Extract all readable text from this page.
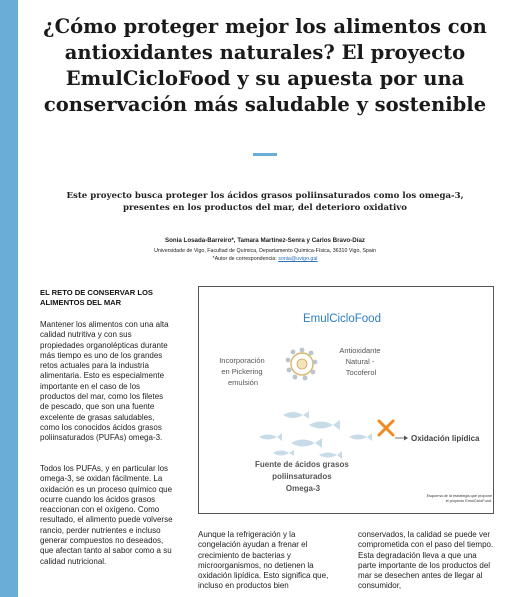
¿Cómo proteger mejor los alimentos con antioxidantes naturales? El proyecto EmulCicloFood y su apuesta por una conservación más saludable y sostenible

Este proyecto busca proteger los ácidos grasos poliinsaturados como los omega-3, presentes en los productos del mar, del deterioro oxidativo

Sonia Losada-Barreiro*, Tamara Martínez-Senra y Carlos Bravo-Díaz

Universidade de Vigo, Facultad de Química, Departamento Química-Física, 36310 Vigo, Spain

*Autor de correspondencia: sonia@uvigo.gal

EL RETO DE CONSERVAR LOS ALIMENTOS DEL MAR

Mantener los alimentos con una alta calidad nutritiva y con sus propiedades organolépticas durante más tiempo es uno de los grandes retos actuales para la industria alimentaria. Esto es especialmente importante en el caso de los productos del mar, como los filetes de pescado, que son una fuente excelente de grasas saludables, como los conocidos ácidos grasos poliinsaturados (PUFAs) omega-3.

Todos los PUFAs, y en particular los omega-3, se oxidan fácilmente. La oxidación es un proceso químico que ocurre cuando los ácidos grasos reaccionan con el oxígeno. Como resultado, el alimento puede volverse rancio, perder nutrientes e incluso generar compuestos no deseados, que afectan tanto al sabor como a su calidad nutricional.

Aunque la refrigeración y la congelación ayudan a frenar el crecimiento de bacterias y microorganismos, no detienen la oxidación lipídica. Esto significa que, incluso en productos bien

conservados, la calidad se puede ver comprometida con el paso del tiempo. Esta degradación lleva a que una parte importante de los productos del mar se desechen antes de llegar al consumidor,

EmulCicloFood
Incorporación en Pickering emulsión
Antioxidante Natural - Tocoferol
Oxidación lipídica
Fuente de ácidos grasos poliinsaturados Omega-3

Esquema de la estrategia que propone
el proyecto EmulCicloFood.
